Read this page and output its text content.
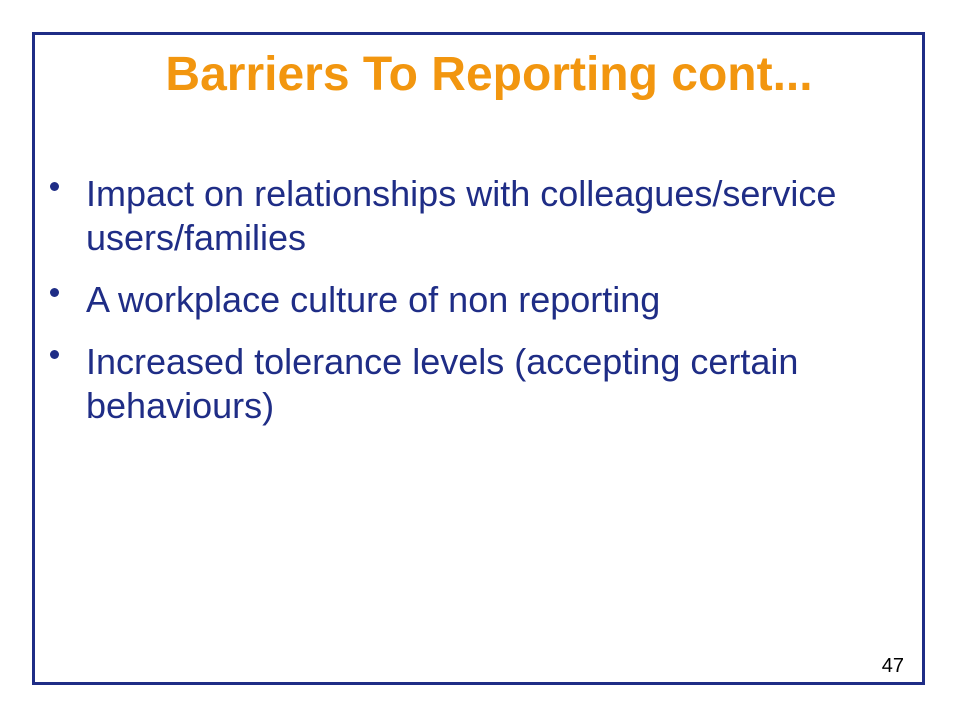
Barriers To Reporting cont...
Impact on relationships with colleagues/service users/families
A workplace culture of non reporting
Increased tolerance levels (accepting certain behaviours)
47
